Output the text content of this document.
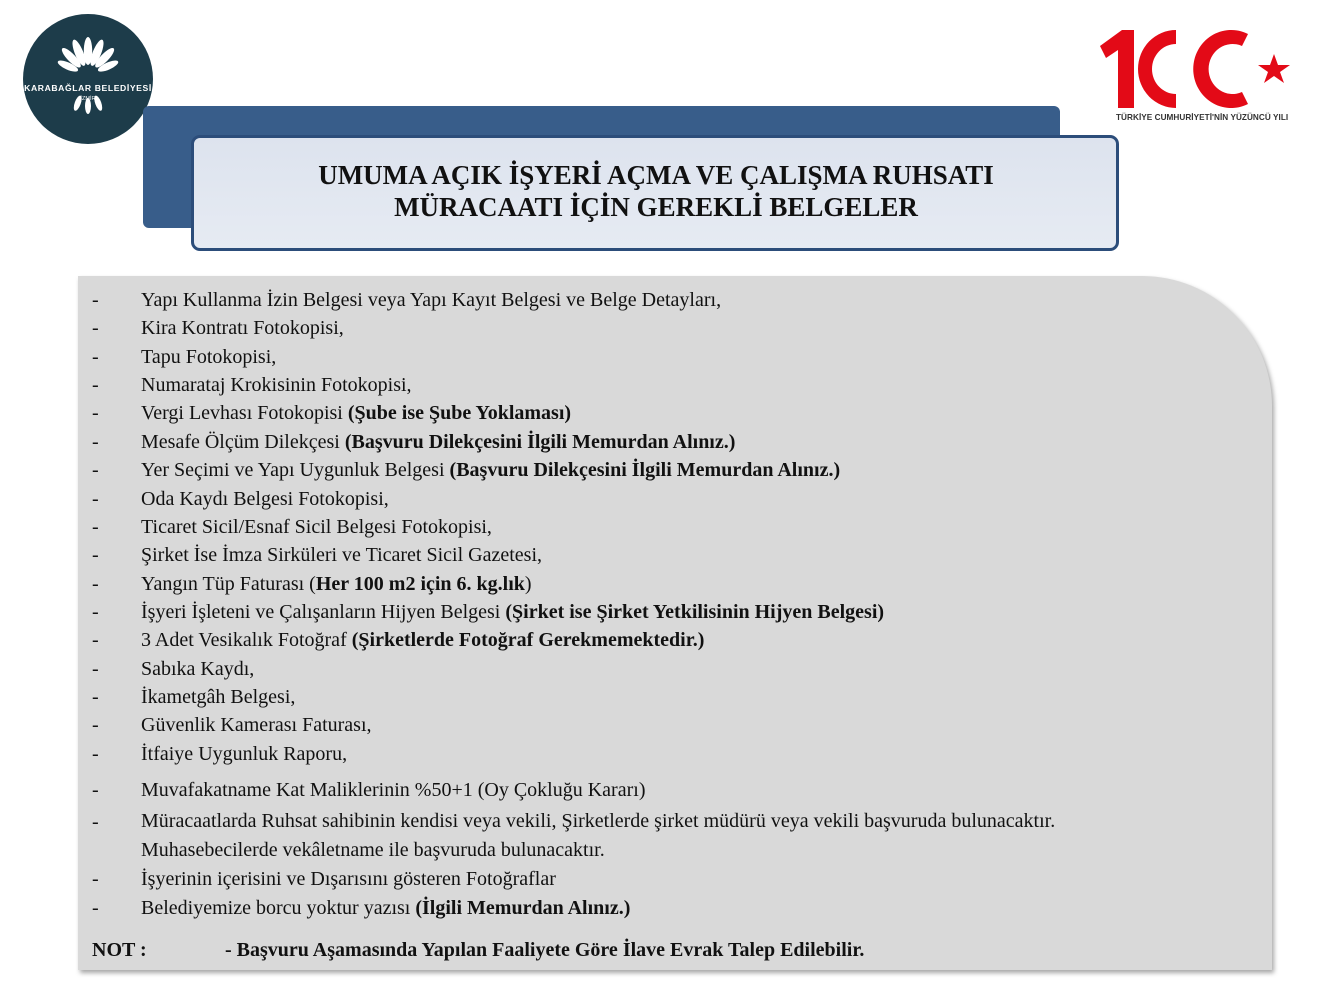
KARABAĞLAR BELEDİYESİ
İZMİR
TÜRKİYE CUMHURİYETİ'NİN YÜZÜNCÜ YILI
UMUMA AÇIK İŞYERİ AÇMA VE ÇALIŞMA RUHSATI
MÜRACAATI İÇİN GEREKLİ BELGELER
- Yapı Kullanma İzin Belgesi veya Yapı Kayıt Belgesi ve Belge Detayları,
- Kira Kontratı Fotokopisi,
- Tapu Fotokopisi,
- Numarataj Krokisinin Fotokopisi,
- Vergi Levhası Fotokopisi (Şube ise Şube Yoklaması)
- Mesafe Ölçüm Dilekçesi (Başvuru Dilekçesini İlgili Memurdan Alınız.)
- Yer Seçimi ve Yapı Uygunluk Belgesi (Başvuru Dilekçesini İlgili Memurdan Alınız.)
- Oda Kaydı Belgesi Fotokopisi,
- Ticaret Sicil/Esnaf Sicil Belgesi Fotokopisi,
- Şirket İse İmza Sirküleri ve Ticaret Sicil Gazetesi,
- Yangın Tüp Faturası (Her 100 m2 için 6. kg.lık)
- İşyeri İşleteni ve Çalışanların Hijyen Belgesi (Şirket ise Şirket Yetkilisinin Hijyen Belgesi)
- 3 Adet Vesikalık Fotoğraf (Şirketlerde Fotoğraf Gerekmemektedir.)
- Sabıka Kaydı,
- İkametgâh Belgesi,
- Güvenlik Kamerası Faturası,
- İtfaiye Uygunluk Raporu,
- Muvafakatname Kat Maliklerinin %50+1 (Oy Çokluğu Kararı)
- Müracaatlarda Ruhsat sahibinin kendisi veya vekili, Şirketlerde şirket müdürü veya vekili başvuruda bulunacaktır.
Muhasebecilerde vekâletname ile başvuruda bulunacaktır.
- İşyerinin içerisini ve Dışarısını gösteren Fotoğraflar
- Belediyemize borcu yoktur yazısı (İlgili Memurdan Alınız.)
NOT :	- Başvuru Aşamasında Yapılan Faaliyete Göre İlave Evrak Talep Edilebilir.
